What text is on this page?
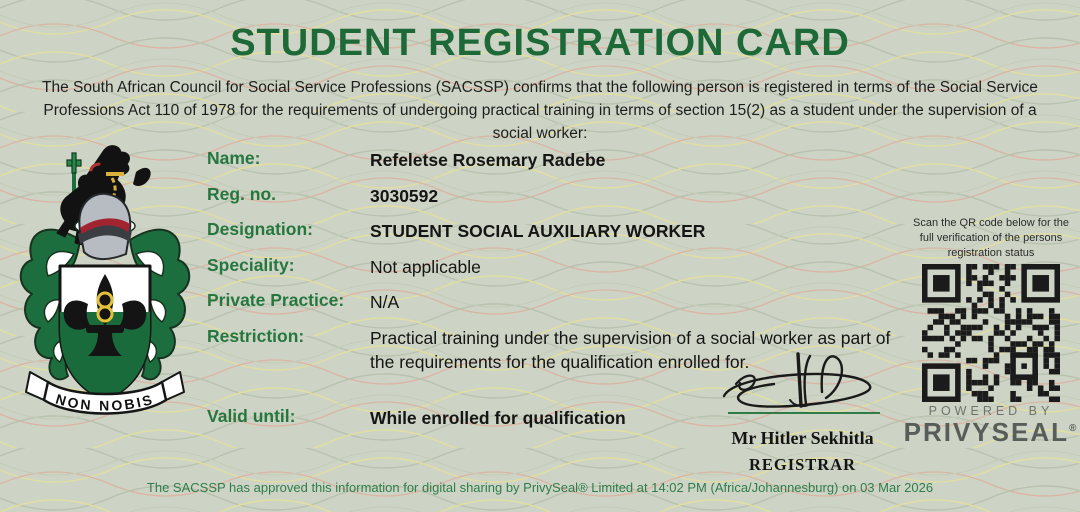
STUDENT REGISTRATION CARD
The South African Council for Social Service Professions (SACSSP) confirms that the following person is registered in terms of the Social Service Professions Act 110 of 1978 for the requirements of undergoing practical training in terms of section 15(2) as a student under the supervision of a social worker:
NON NOBIS
Name:	Refeletse Rosemary Radebe
Reg. no.	3030592
Designation:	STUDENT SOCIAL AUXILIARY WORKER
Speciality:	Not applicable
Private Practice:	N/A
Restriction:	Practical training under the supervision of a social worker as part of the requirements for the qualification enrolled for.
Valid until:	While enrolled for qualification
Mr Hitler Sekhitla
REGISTRAR
Scan the QR code below for the full verification of the persons registration status
POWERED BY
PRIVYSEAL®
The SACSSP has approved this information for digital sharing by PrivySeal® Limited at 14:02 PM (Africa/Johannesburg) on 03 Mar 2026
